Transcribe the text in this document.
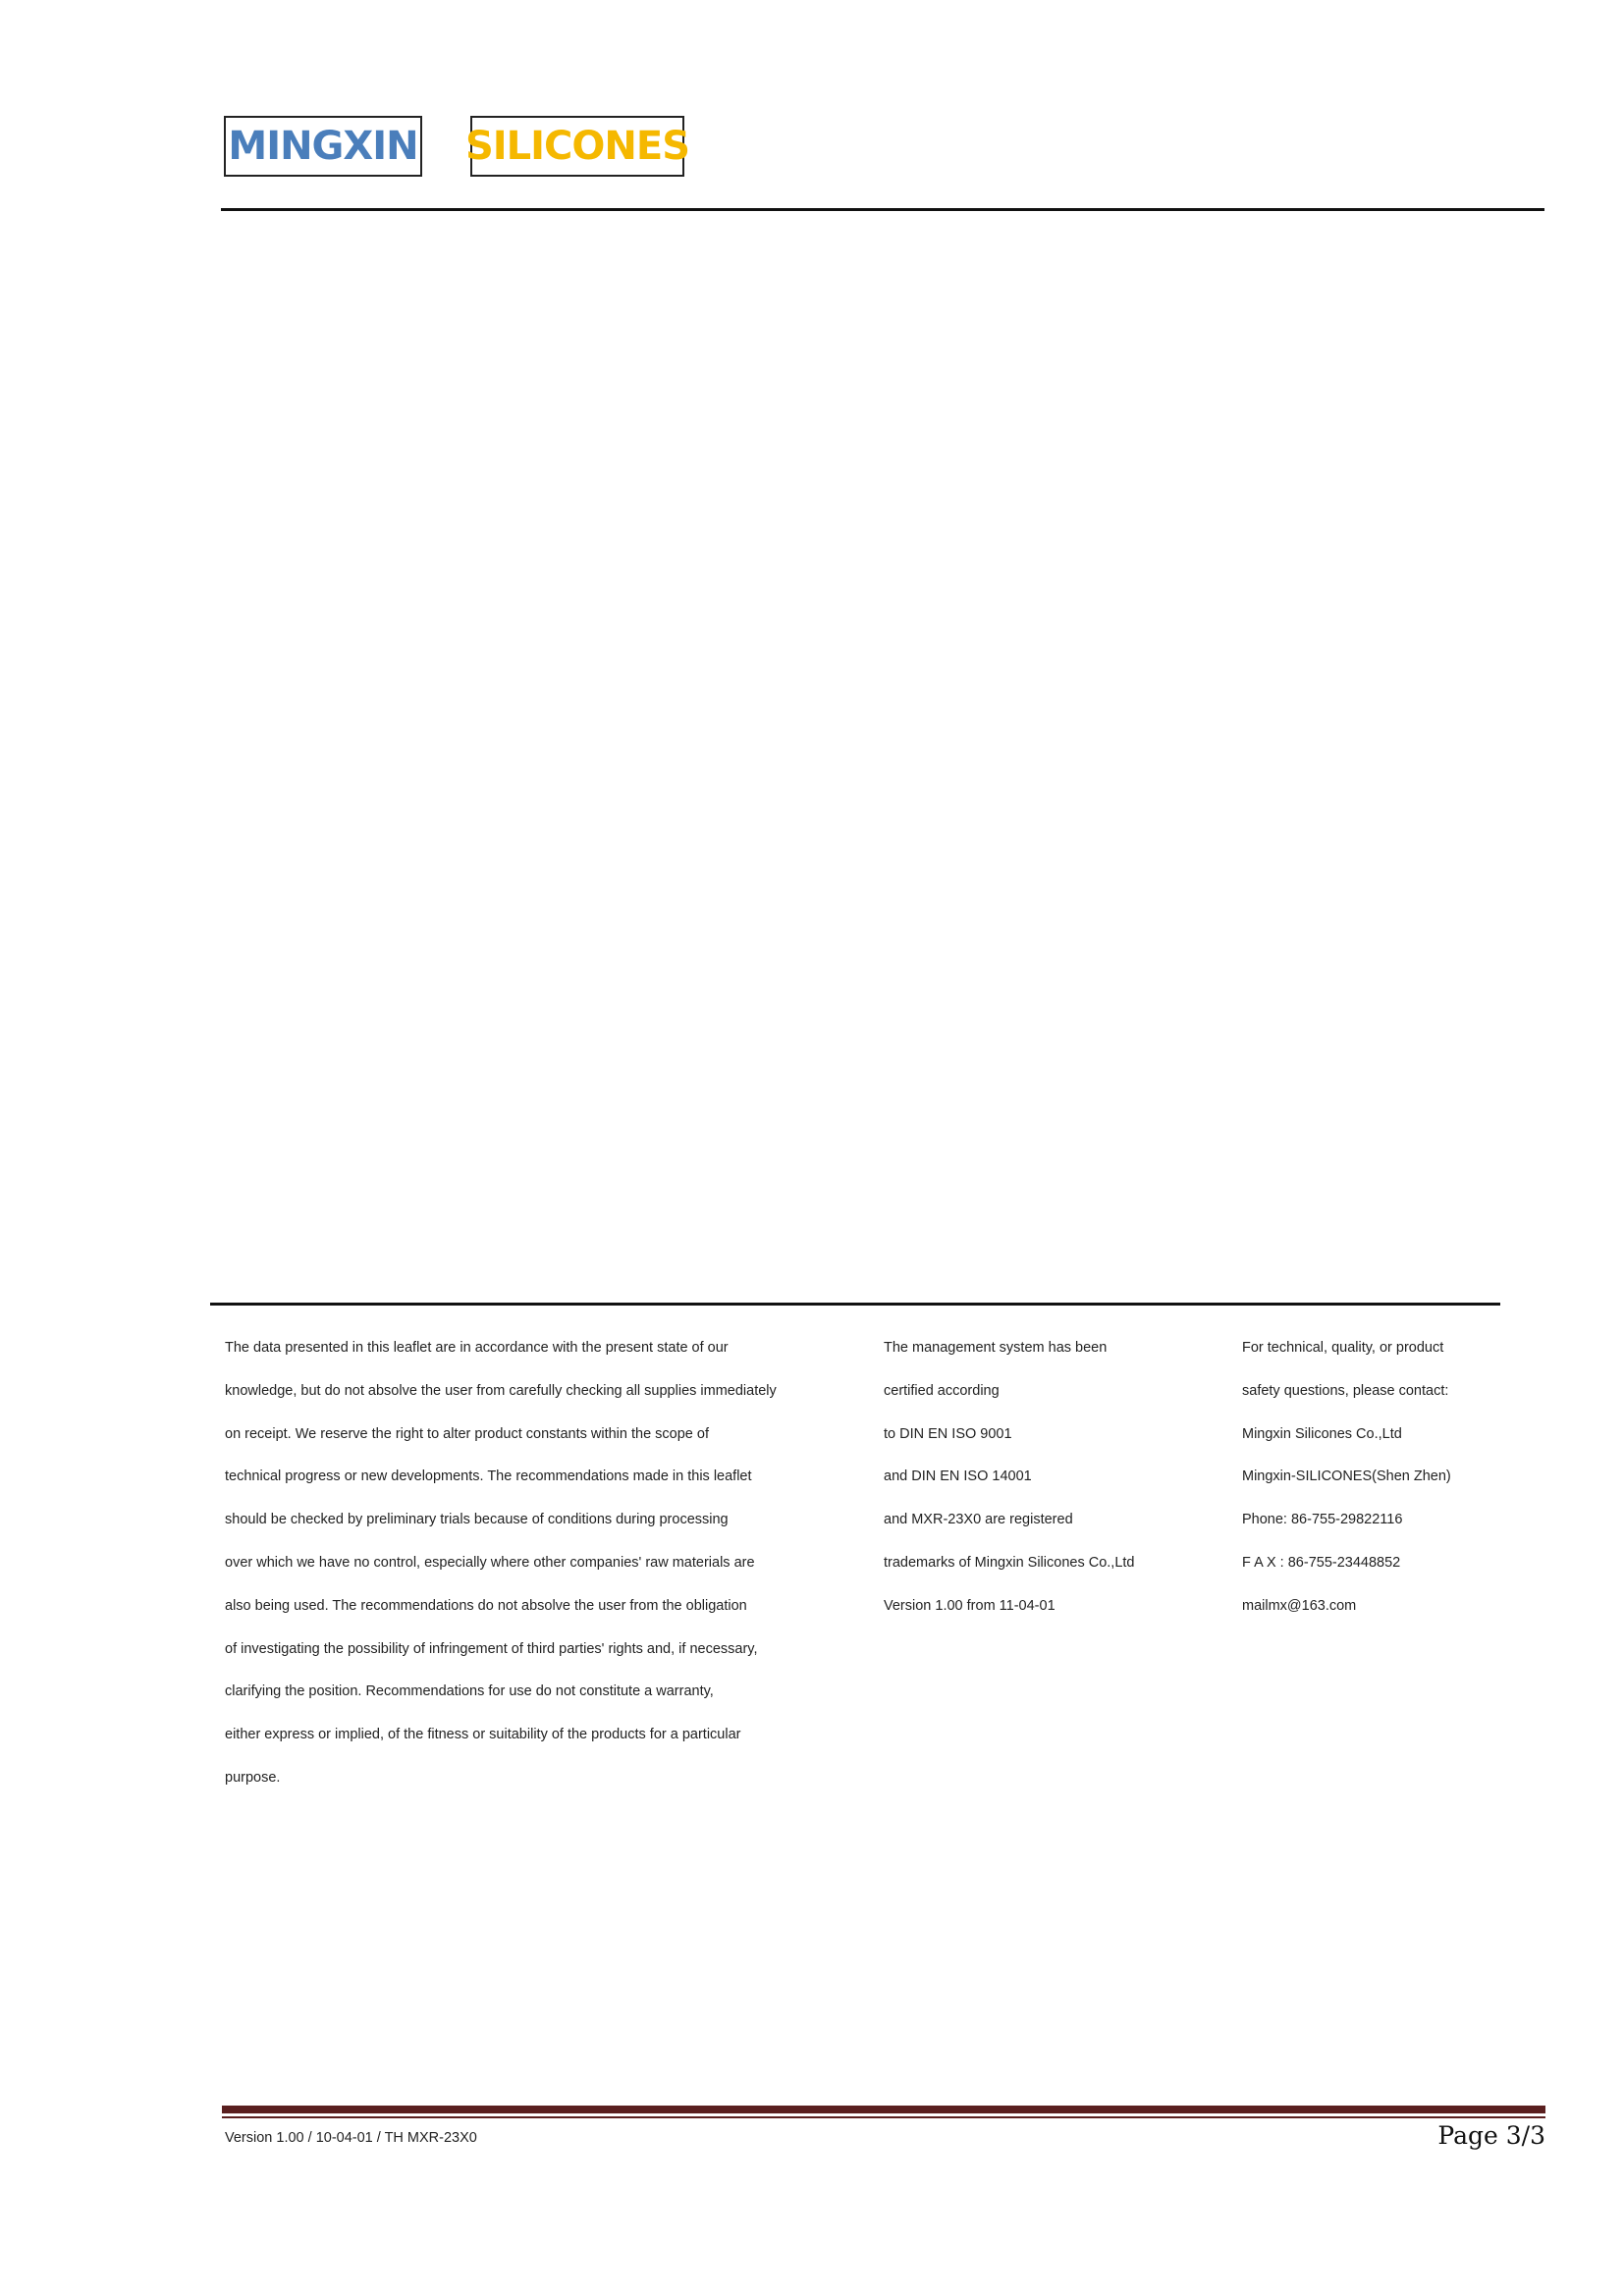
MINGXIN SILICONES
The data presented in this leaflet are in accordance with the present state of our
knowledge, but do not absolve the user from carefully checking all supplies immediately
on receipt. We reserve the right to alter product constants within the scope of
technical progress or new developments. The recommendations made in this leaflet
should be checked by preliminary trials because of conditions during processing
over which we have no control, especially where other companies' raw materials are
also being used. The recommendations do not absolve the user from the obligation
of investigating the possibility of infringement of third parties' rights and, if necessary,
clarifying the position. Recommendations for use do not constitute a warranty,
either express or implied, of the fitness or suitability of the products for a particular
purpose.
The management system has been
certified according
to DIN EN ISO 9001
and DIN EN ISO 14001
and MXR-23X0 are registered
trademarks of Mingxin Silicones Co.,Ltd
Version 1.00 from 11-04-01
For technical, quality, or product
safety questions, please contact:
Mingxin Silicones Co.,Ltd
Mingxin-SILICONES(Shen Zhen)
Phone: 86-755-29822116
F A X : 86-755-23448852
mailmx@163.com
Version 1.00 / 10-04-01 / TH MXR-23X0	Page 3/3
